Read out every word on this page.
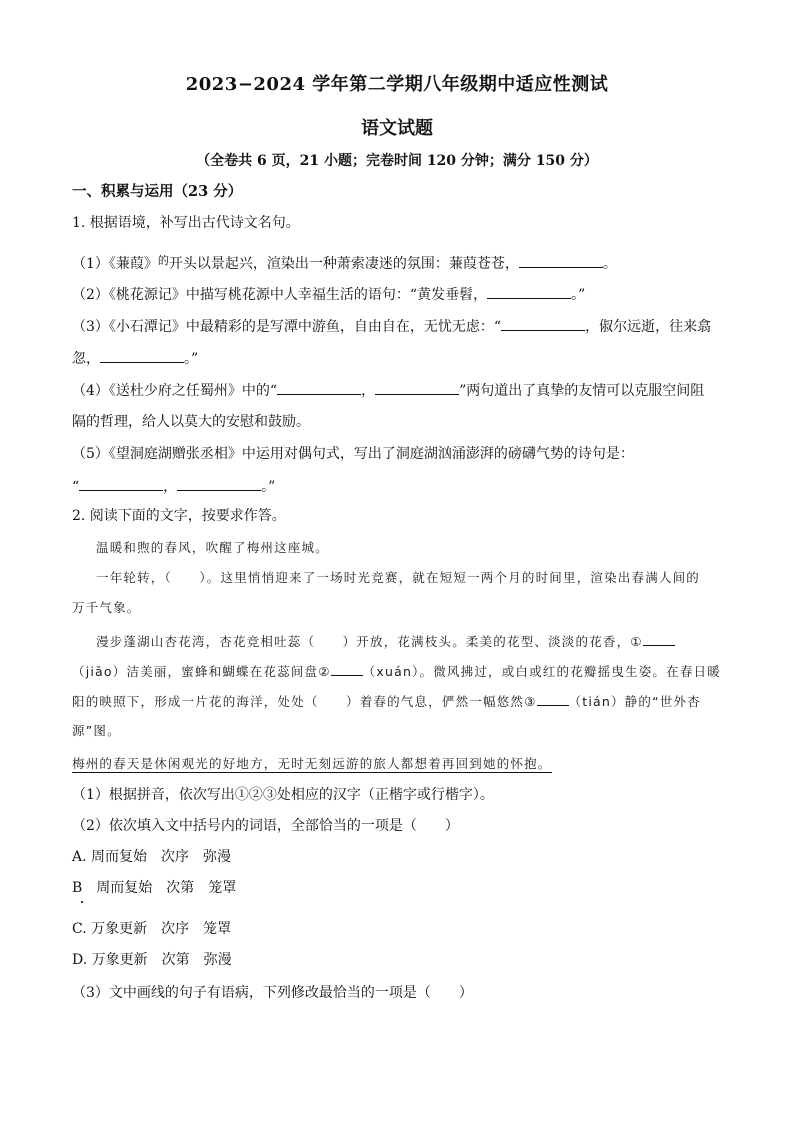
2023−2024 学年第二学期八年级期中适应性测试
语文试题
（全卷共 6 页，21 小题；完卷时间 120 分钟；满分 150 分）
一、积累与运用（23 分）
1. 根据语境，补写出古代诗文名句。
（1）《蒹葭》$^的$开头以景起兴，渲染出一种萧索凄迷的氛围：蒹葭苍苍，	。
（2）《桃花源记》中描写桃花源中人幸福生活的语句：“黄发垂髫，	。”
（3）《小石潭记》中最精彩的是写潭中游鱼，自由自在，无忧无虑：“	，俶尔远逝，往来翕
忽，	。”
（4）《送杜少府之任蜀州》中的“	，	”两句道出了真挚的友情可以克服空间阻
隔的哲理，给人以莫大的安慰和鼓励。
（5）《望洞庭湖赠张丞相》中运用对偶句式，写出了洞庭湖汹涌澎湃的磅礴气势的诗句是：
“	，	。”
2. 阅读下面的文字，按要求作答。
温暖和煦的春风，吹醒了梅州这座城。
一年轮转，（　　）。这里悄悄迎来了一场时光竞赛，就在短短一两个月的时间里，渲染出春满人间的
万千气象。
漫步蓬湖山杏花湾，杏花竞相吐蕊（　　）开放，花满枝头。柔美的花型、淡淡的花香，①
（jiāo）洁美丽，蜜蜂和蝴蝶在花蕊间盘②	（xuán）。微风拂过，或白或红的花瓣摇曳生姿。在春日暖
阳的映照下，形成一片花的海洋，处处（　　）着春的气息，俨然一幅悠然③	（tián）静的“世外杏
源”图。
梅州的春天是休闲观光的好地方，无时无刻远游的旅人都想着再回到她的怀抱。
（1）根据拼音，依次写出①②③处相应的汉字（正楷字或行楷字）。
（2）依次填入文中括号内的词语，全部恰当的一项是（　　）
A. 周而复始　次序　弥漫
B　周而复始　次第　笼罩
C. 万象更新　次序　笼罩
D. 万象更新　次第　弥漫
（3）文中画线的句子有语病，下列修改最恰当的一项是（　　）
